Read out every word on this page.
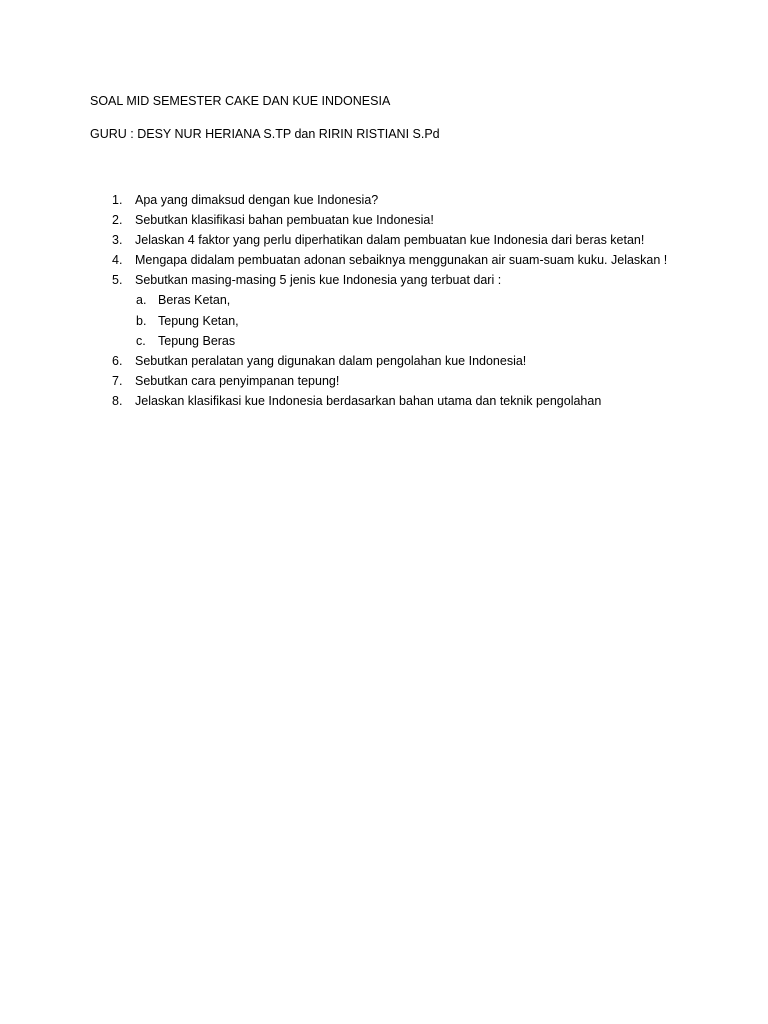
SOAL MID SEMESTER CAKE DAN KUE INDONESIA

GURU : DESY NUR HERIANA S.TP dan RIRIN RISTIANI S.Pd

1.	Apa yang dimaksud dengan kue Indonesia?
2.	Sebutkan klasifikasi bahan pembuatan kue Indonesia!
3.	Jelaskan 4 faktor yang perlu diperhatikan dalam pembuatan kue Indonesia dari beras ketan!
4.	Mengapa didalam pembuatan adonan sebaiknya menggunakan air suam-suam kuku. Jelaskan !
5.	Sebutkan masing-masing 5 jenis kue Indonesia yang terbuat dari :
a. Beras Ketan,
b. Tepung Ketan,
c. Tepung Beras
6.	Sebutkan peralatan yang digunakan dalam pengolahan kue Indonesia!
7.	Sebutkan cara penyimpanan tepung!
8.	Jelaskan klasifikasi kue Indonesia berdasarkan bahan utama dan teknik pengolahan
